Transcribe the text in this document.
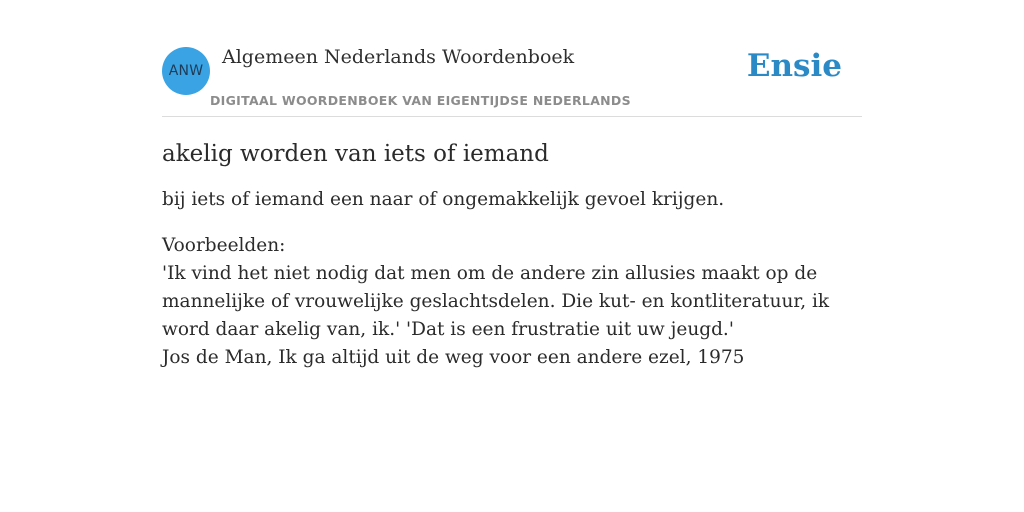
ANW
Algemeen Nederlands Woordenboek
DIGITAAL WOORDENBOEK VAN EIGENTIJDSE NEDERLANDS
Ensie
akelig worden van iets of iemand

bij iets of iemand een naar of ongemakkelijk gevoel krijgen.

Voorbeelden:
'Ik vind het niet nodig dat men om de andere zin allusies maakt op de mannelijke of vrouwelijke geslachtsdelen. Die kut- en kontliteratuur, ik word daar akelig van, ik.' 'Dat is een frustratie uit uw jeugd.'
Jos de Man, Ik ga altijd uit de weg voor een andere ezel, 1975
